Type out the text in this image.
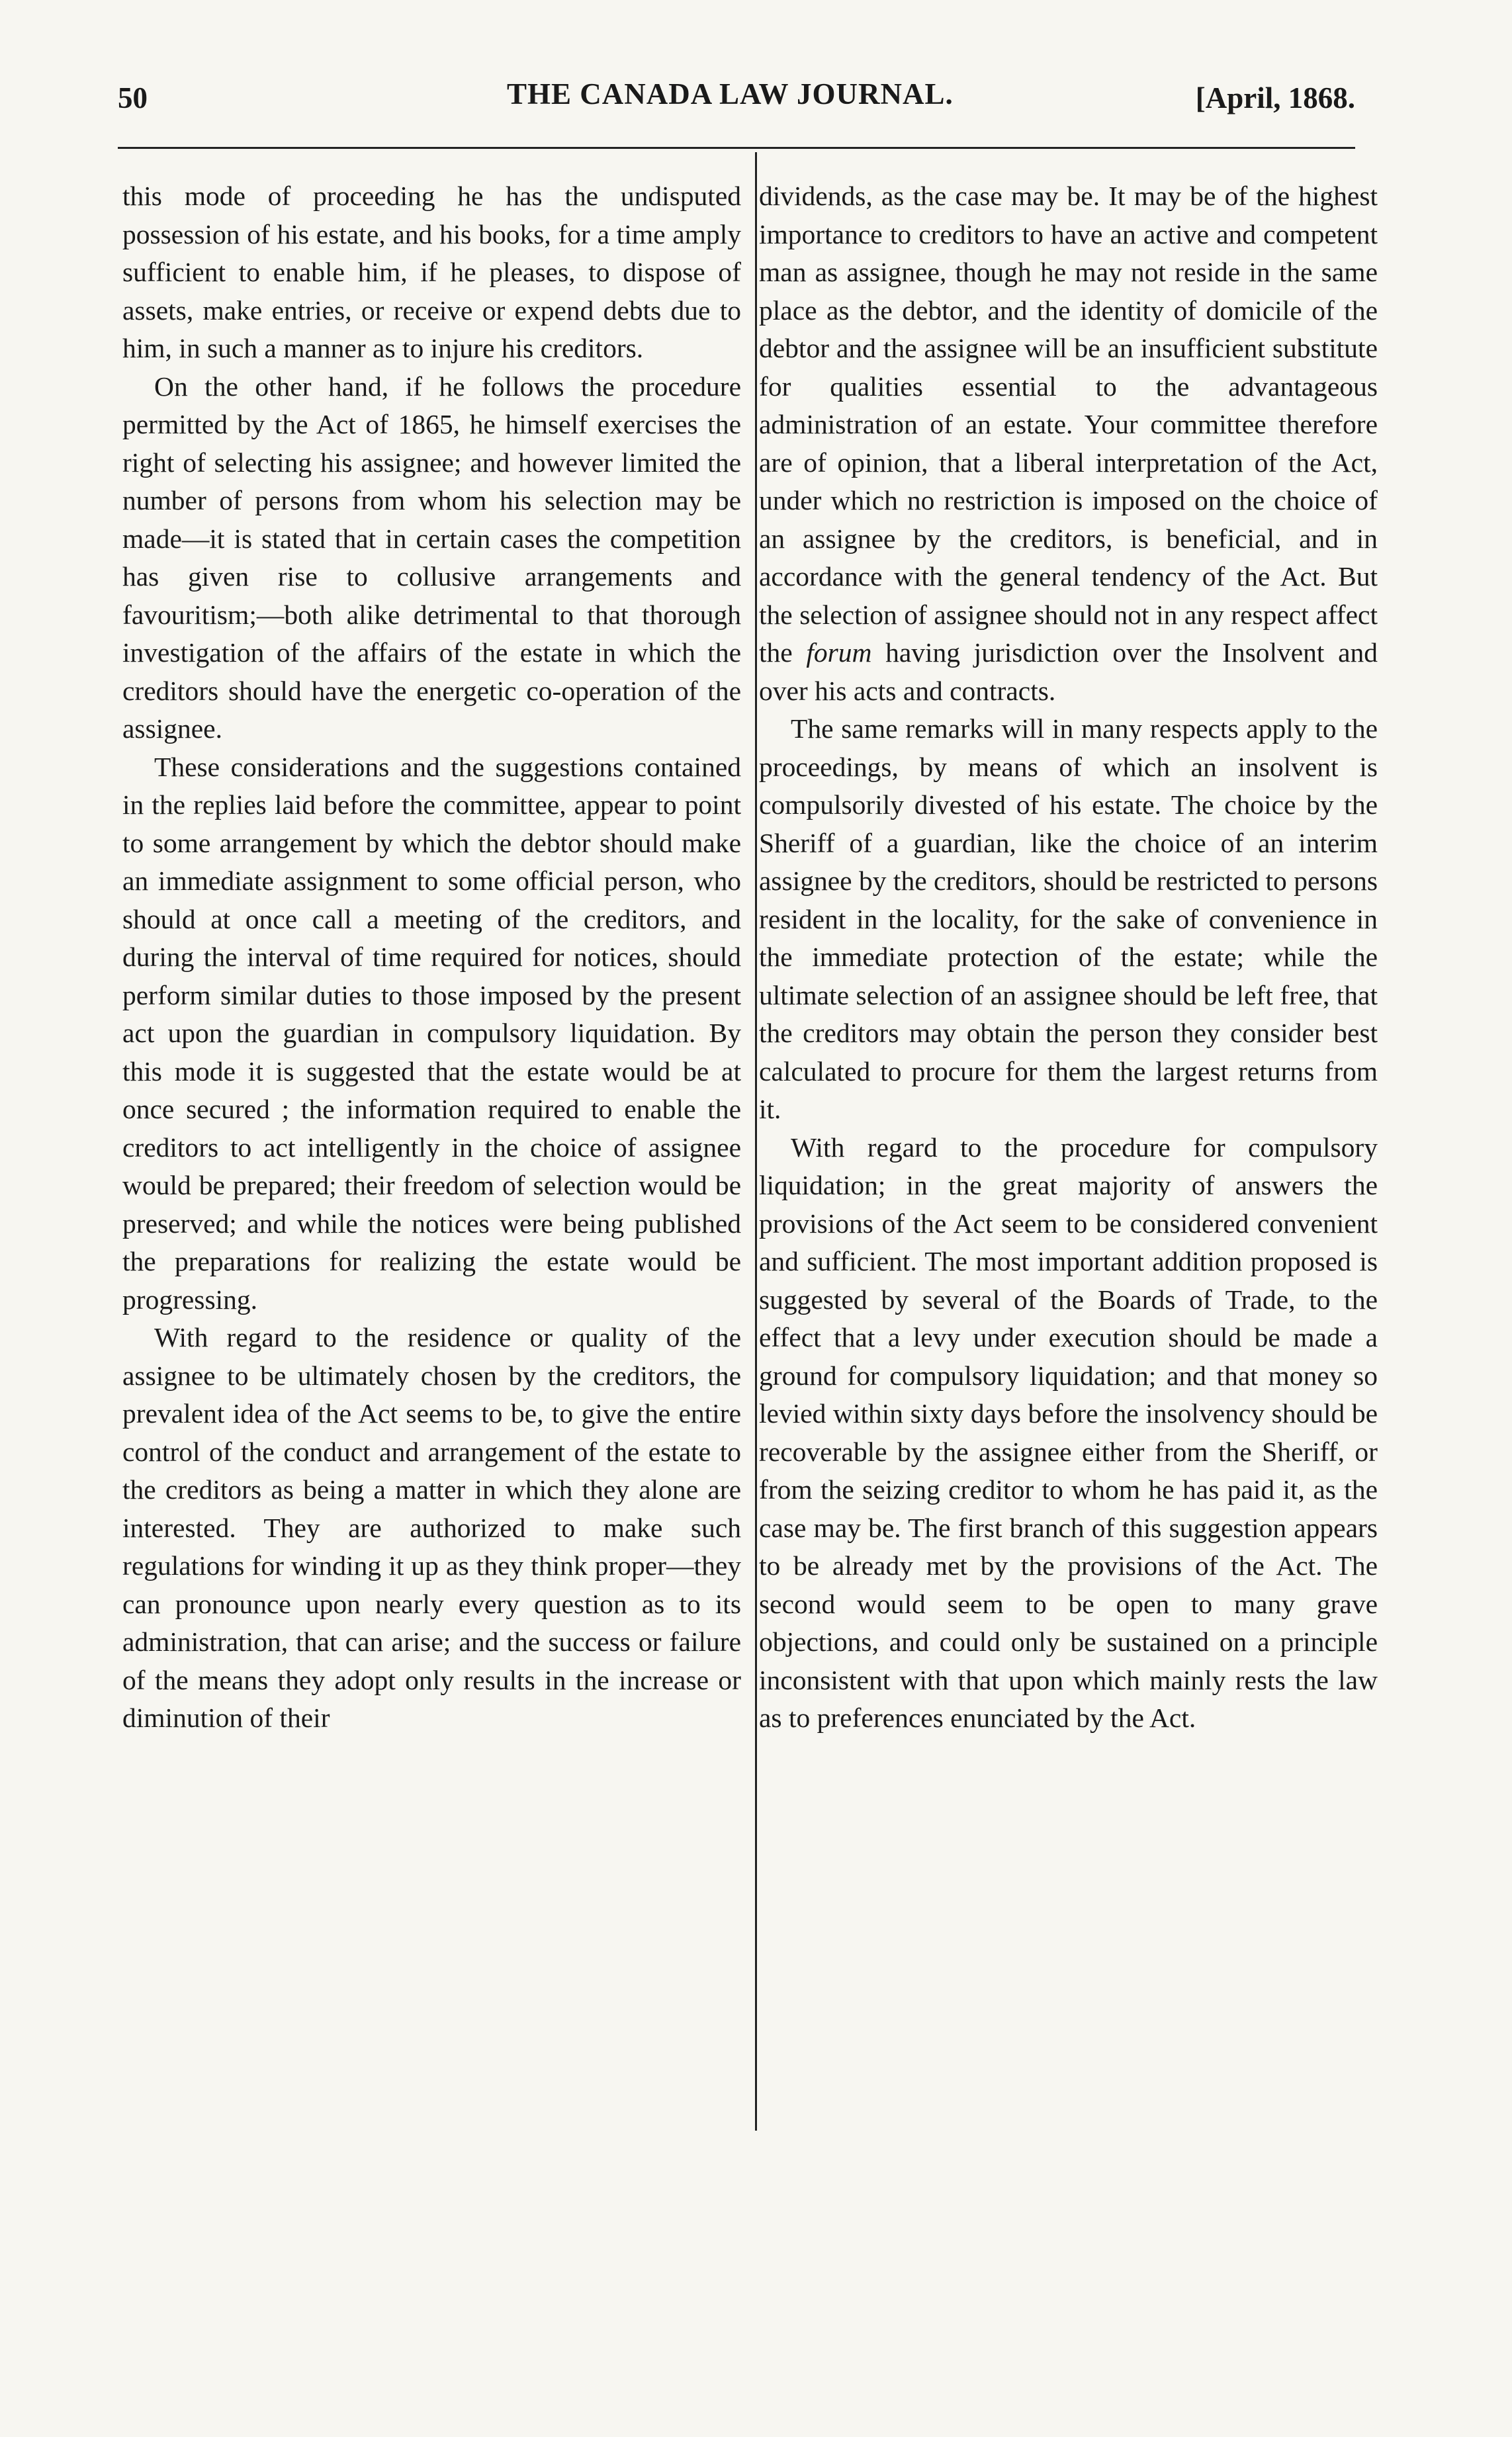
50	THE CANADA LAW JOURNAL.	[April, 1868.

this mode of proceeding he has the undisputed possession of his estate, and his books, for a time amply sufficient to enable him, if he pleases, to dispose of assets, make entries, or receive or expend debts due to him, in such a manner as to injure his creditors.

On the other hand, if he follows the procedure permitted by the Act of 1865, he himself exercises the right of selecting his assignee; and however limited the number of persons from whom his selection may be made—it is stated that in certain cases the competition has given rise to collusive arrangements and favouritism;—both alike detrimental to that thorough investigation of the affairs of the estate in which the creditors should have the energetic co-operation of the assignee.

These considerations and the suggestions contained in the replies laid before the committee, appear to point to some arrangement by which the debtor should make an immediate assignment to some official person, who should at once call a meeting of the creditors, and during the interval of time required for notices, should perform similar duties to those imposed by the present act upon the guardian in compulsory liquidation. By this mode it is suggested that the estate would be at once secured ; the information required to enable the creditors to act intelligently in the choice of assignee would be prepared; their freedom of selection would be preserved; and while the notices were being published the preparations for realizing the estate would be progressing.

With regard to the residence or quality of the assignee to be ultimately chosen by the creditors, the prevalent idea of the Act seems to be, to give the entire control of the conduct and arrangement of the estate to the creditors as being a matter in which they alone are interested. They are authorized to make such regulations for winding it up as they think proper—they can pronounce upon nearly every question as to its administration, that can arise; and the success or failure of the means they adopt only results in the increase or diminution of their

dividends, as the case may be. It may be of the highest importance to creditors to have an active and competent man as assignee, though he may not reside in the same place as the debtor, and the identity of domicile of the debtor and the assignee will be an insufficient substitute for qualities essential to the advantageous administration of an estate. Your committee therefore are of opinion, that a liberal interpretation of the Act, under which no restriction is imposed on the choice of an assignee by the creditors, is beneficial, and in accordance with the general tendency of the Act. But the selection of assignee should not in any respect affect the forum having jurisdiction over the Insolvent and over his acts and contracts.

The same remarks will in many respects apply to the proceedings, by means of which an insolvent is compulsorily divested of his estate. The choice by the Sheriff of a guardian, like the choice of an interim assignee by the creditors, should be restricted to persons resident in the locality, for the sake of convenience in the immediate protection of the estate; while the ultimate selection of an assignee should be left free, that the creditors may obtain the person they consider best calculated to procure for them the largest returns from it.

With regard to the procedure for compulsory liquidation; in the great majority of answers the provisions of the Act seem to be considered convenient and sufficient. The most important addition proposed is suggested by several of the Boards of Trade, to the effect that a levy under execution should be made a ground for compulsory liquidation; and that money so levied within sixty days before the insolvency should be recoverable by the assignee either from the Sheriff, or from the seizing creditor to whom he has paid it, as the case may be. The first branch of this suggestion appears to be already met by the provisions of the Act. The second would seem to be open to many grave objections, and could only be sustained on a principle inconsistent with that upon which mainly rests the law as to preferences enunciated by the Act.
